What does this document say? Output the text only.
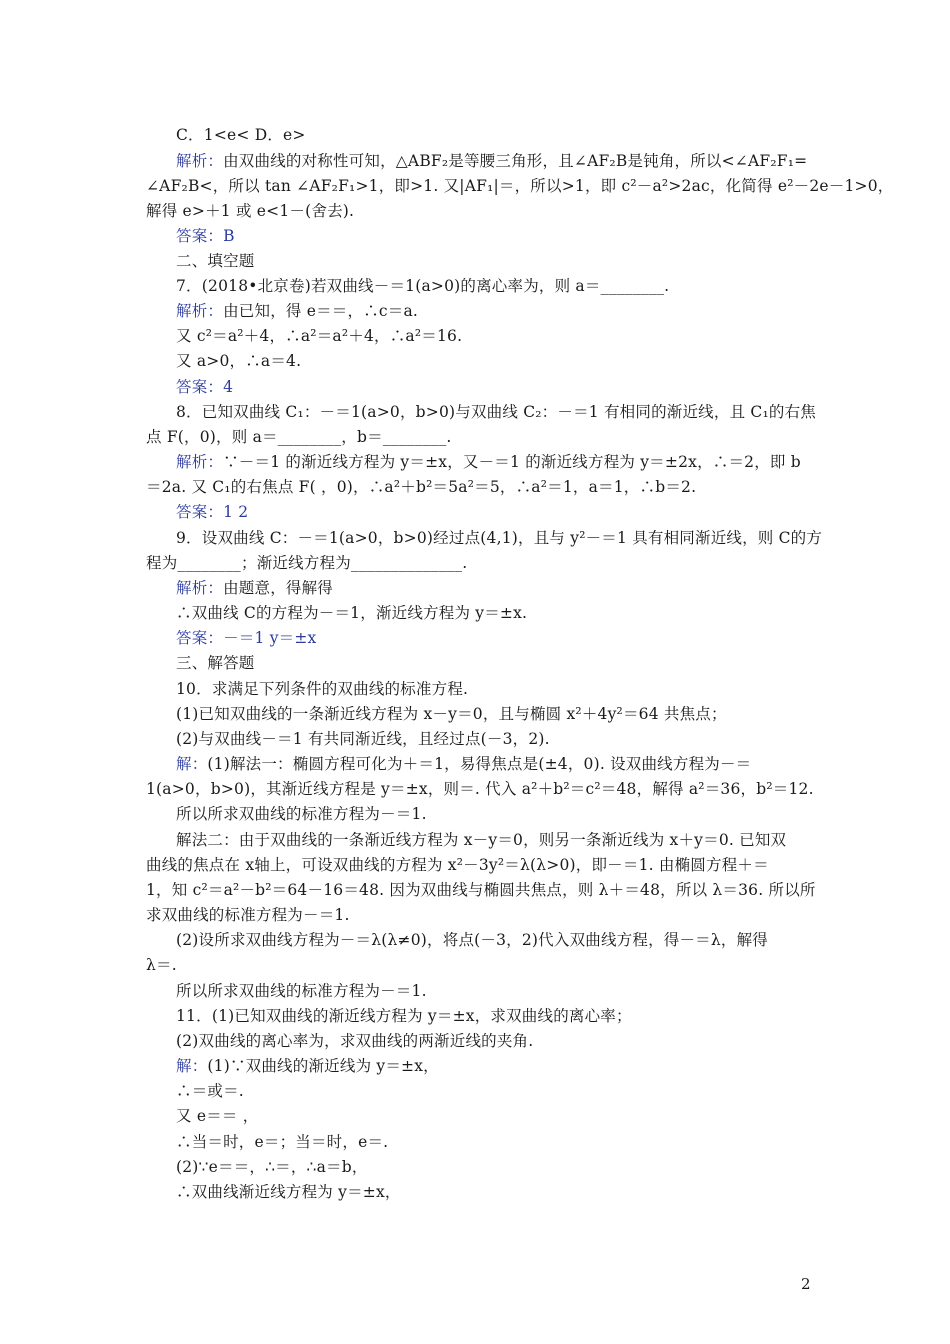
C．1<e< D．e>
解析：由双曲线的对称性可知，△ABF₂是等腰三角形，且∠AF₂B是钝角，所以<∠AF₂F₁=
∠AF₂B<，所以 tan ∠AF₂F₁>1，即>1. 又|AF₁|＝，所以>1，即 c²－a²>2ac，化简得 e²－2e－1>0，
解得 e>＋1 或 e<1－(舍去).
答案：B
二、填空题
7．(2018•北京卷)若双曲线－＝1(a>0)的离心率为，则 a＝________.
解析：由已知，得 e＝＝，∴c＝a.
又 c²＝a²＋4，∴a²＝a²＋4，∴a²＝16.
又 a>0，∴a＝4.
答案：4
8．已知双曲线 C₁：－＝1(a>0，b>0)与双曲线 C₂：－＝1 有相同的渐近线，且 C₁的右焦
点 F(，0)，则 a＝________，b＝________.
解析：∵－＝1 的渐近线方程为 y＝±x，又－＝1 的渐近线方程为 y＝±2x，∴＝2，即 b
＝2a. 又 C₁的右焦点 F( ，0)，∴a²＋b²＝5a²＝5，∴a²＝1，a＝1，∴b＝2.
答案：1 2
9．设双曲线 C：－＝1(a>0，b>0)经过点(4,1)，且与 y²－＝1 具有相同渐近线，则 C的方
程为________；渐近线方程为______________.
解析：由题意，得解得
∴双曲线 C的方程为－＝1，渐近线方程为 y＝±x.
答案：－＝1 y＝±x
三、解答题
10．求满足下列条件的双曲线的标准方程.
(1)已知双曲线的一条渐近线方程为 x－y＝0，且与椭圆 x²＋4y²＝64 共焦点；
(2)与双曲线－＝1 有共同渐近线，且经过点(－3，2).
解：(1)解法一：椭圆方程可化为＋＝1，易得焦点是(±4，0). 设双曲线方程为－＝
1(a>0，b>0)，其渐近线方程是 y＝±x，则＝. 代入 a²＋b²＝c²＝48，解得 a²＝36，b²＝12.
所以所求双曲线的标准方程为－＝1.
解法二：由于双曲线的一条渐近线方程为 x－y＝0，则另一条渐近线为 x＋y＝0. 已知双
曲线的焦点在 x轴上，可设双曲线的方程为 x²－3y²＝λ(λ>0)，即－＝1. 由椭圆方程＋＝
1，知 c²＝a²－b²＝64－16＝48. 因为双曲线与椭圆共焦点，则 λ＋＝48，所以 λ＝36. 所以所
求双曲线的标准方程为－＝1.
(2)设所求双曲线方程为－＝λ(λ≠0)，将点(－3，2)代入双曲线方程，得－＝λ，解得
λ＝.
所以所求双曲线的标准方程为－＝1.
11．(1)已知双曲线的渐近线方程为 y＝±x，求双曲线的离心率；
(2)双曲线的离心率为，求双曲线的两渐近线的夹角.
解：(1)∵双曲线的渐近线为 y＝±x，
∴＝或＝.
又 e＝＝ ，
∴当＝时，e＝；当＝时，e＝.
(2)∵e＝＝，∴＝，∴a＝b，
∴双曲线渐近线方程为 y＝±x，
2
